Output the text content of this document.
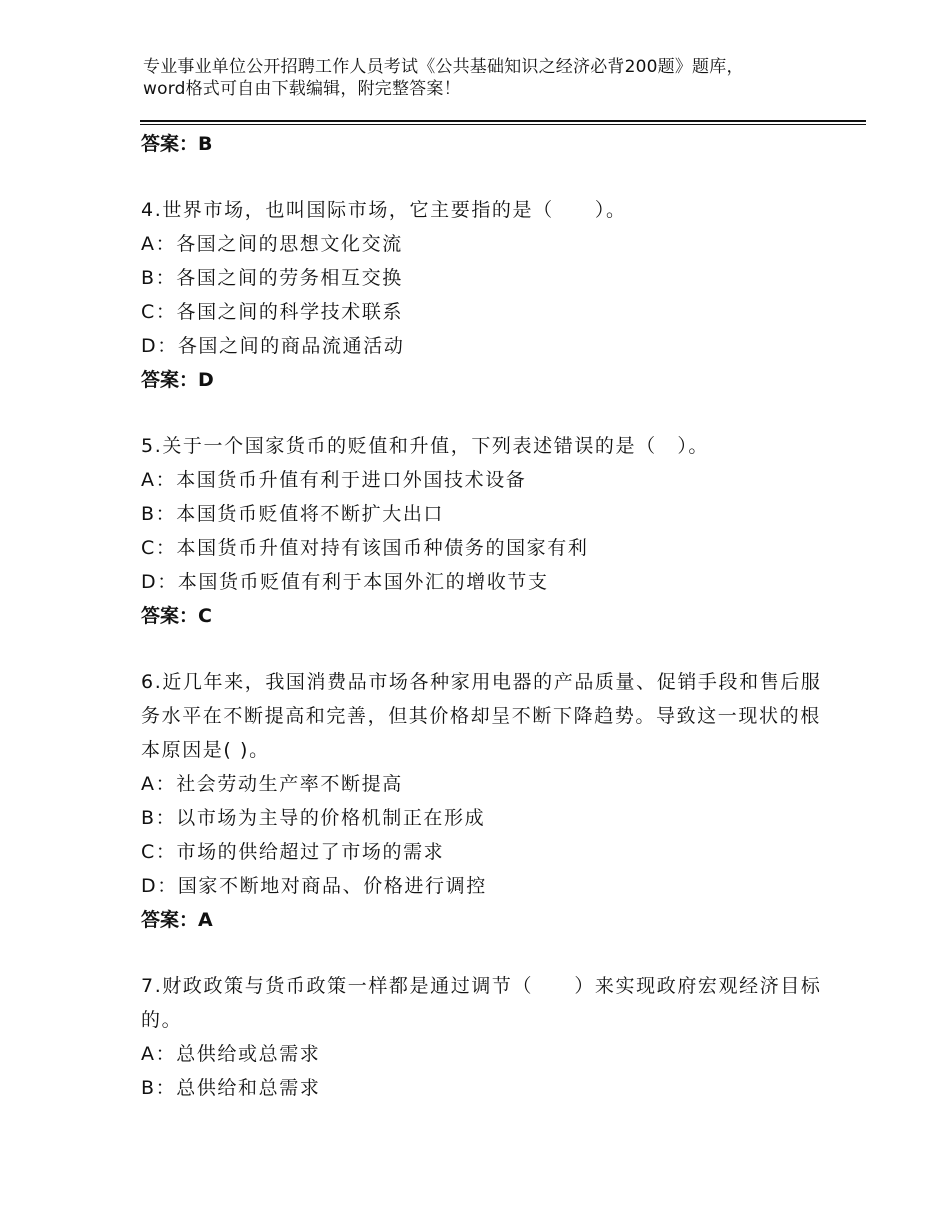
专业事业单位公开招聘工作人员考试《公共基础知识之经济必背200题》题库，word格式可自由下载编辑，附完整答案！
答案：B
4.世界市场，也叫国际市场，它主要指的是（　　）。
A：各国之间的思想文化交流
B：各国之间的劳务相互交换
C：各国之间的科学技术联系
D：各国之间的商品流通活动
答案：D
5.关于一个国家货币的贬值和升值，下列表述错误的是（　）。
A：本国货币升值有利于进口外国技术设备
B：本国货币贬值将不断扩大出口
C：本国货币升值对持有该国币种债务的国家有利
D：本国货币贬值有利于本国外汇的增收节支
答案：C
6.近几年来，我国消费品市场各种家用电器的产品质量、促销手段和售后服务水平在不断提高和完善，但其价格却呈不断下降趋势。导致这一现状的根本原因是( )。
A：社会劳动生产率不断提高
B：以市场为主导的价格机制正在形成
C：市场的供给超过了市场的需求
D：国家不断地对商品、价格进行调控
答案：A
7.财政政策与货币政策一样都是通过调节（　　）来实现政府宏观经济目标的。
A：总供给或总需求
B：总供给和总需求
